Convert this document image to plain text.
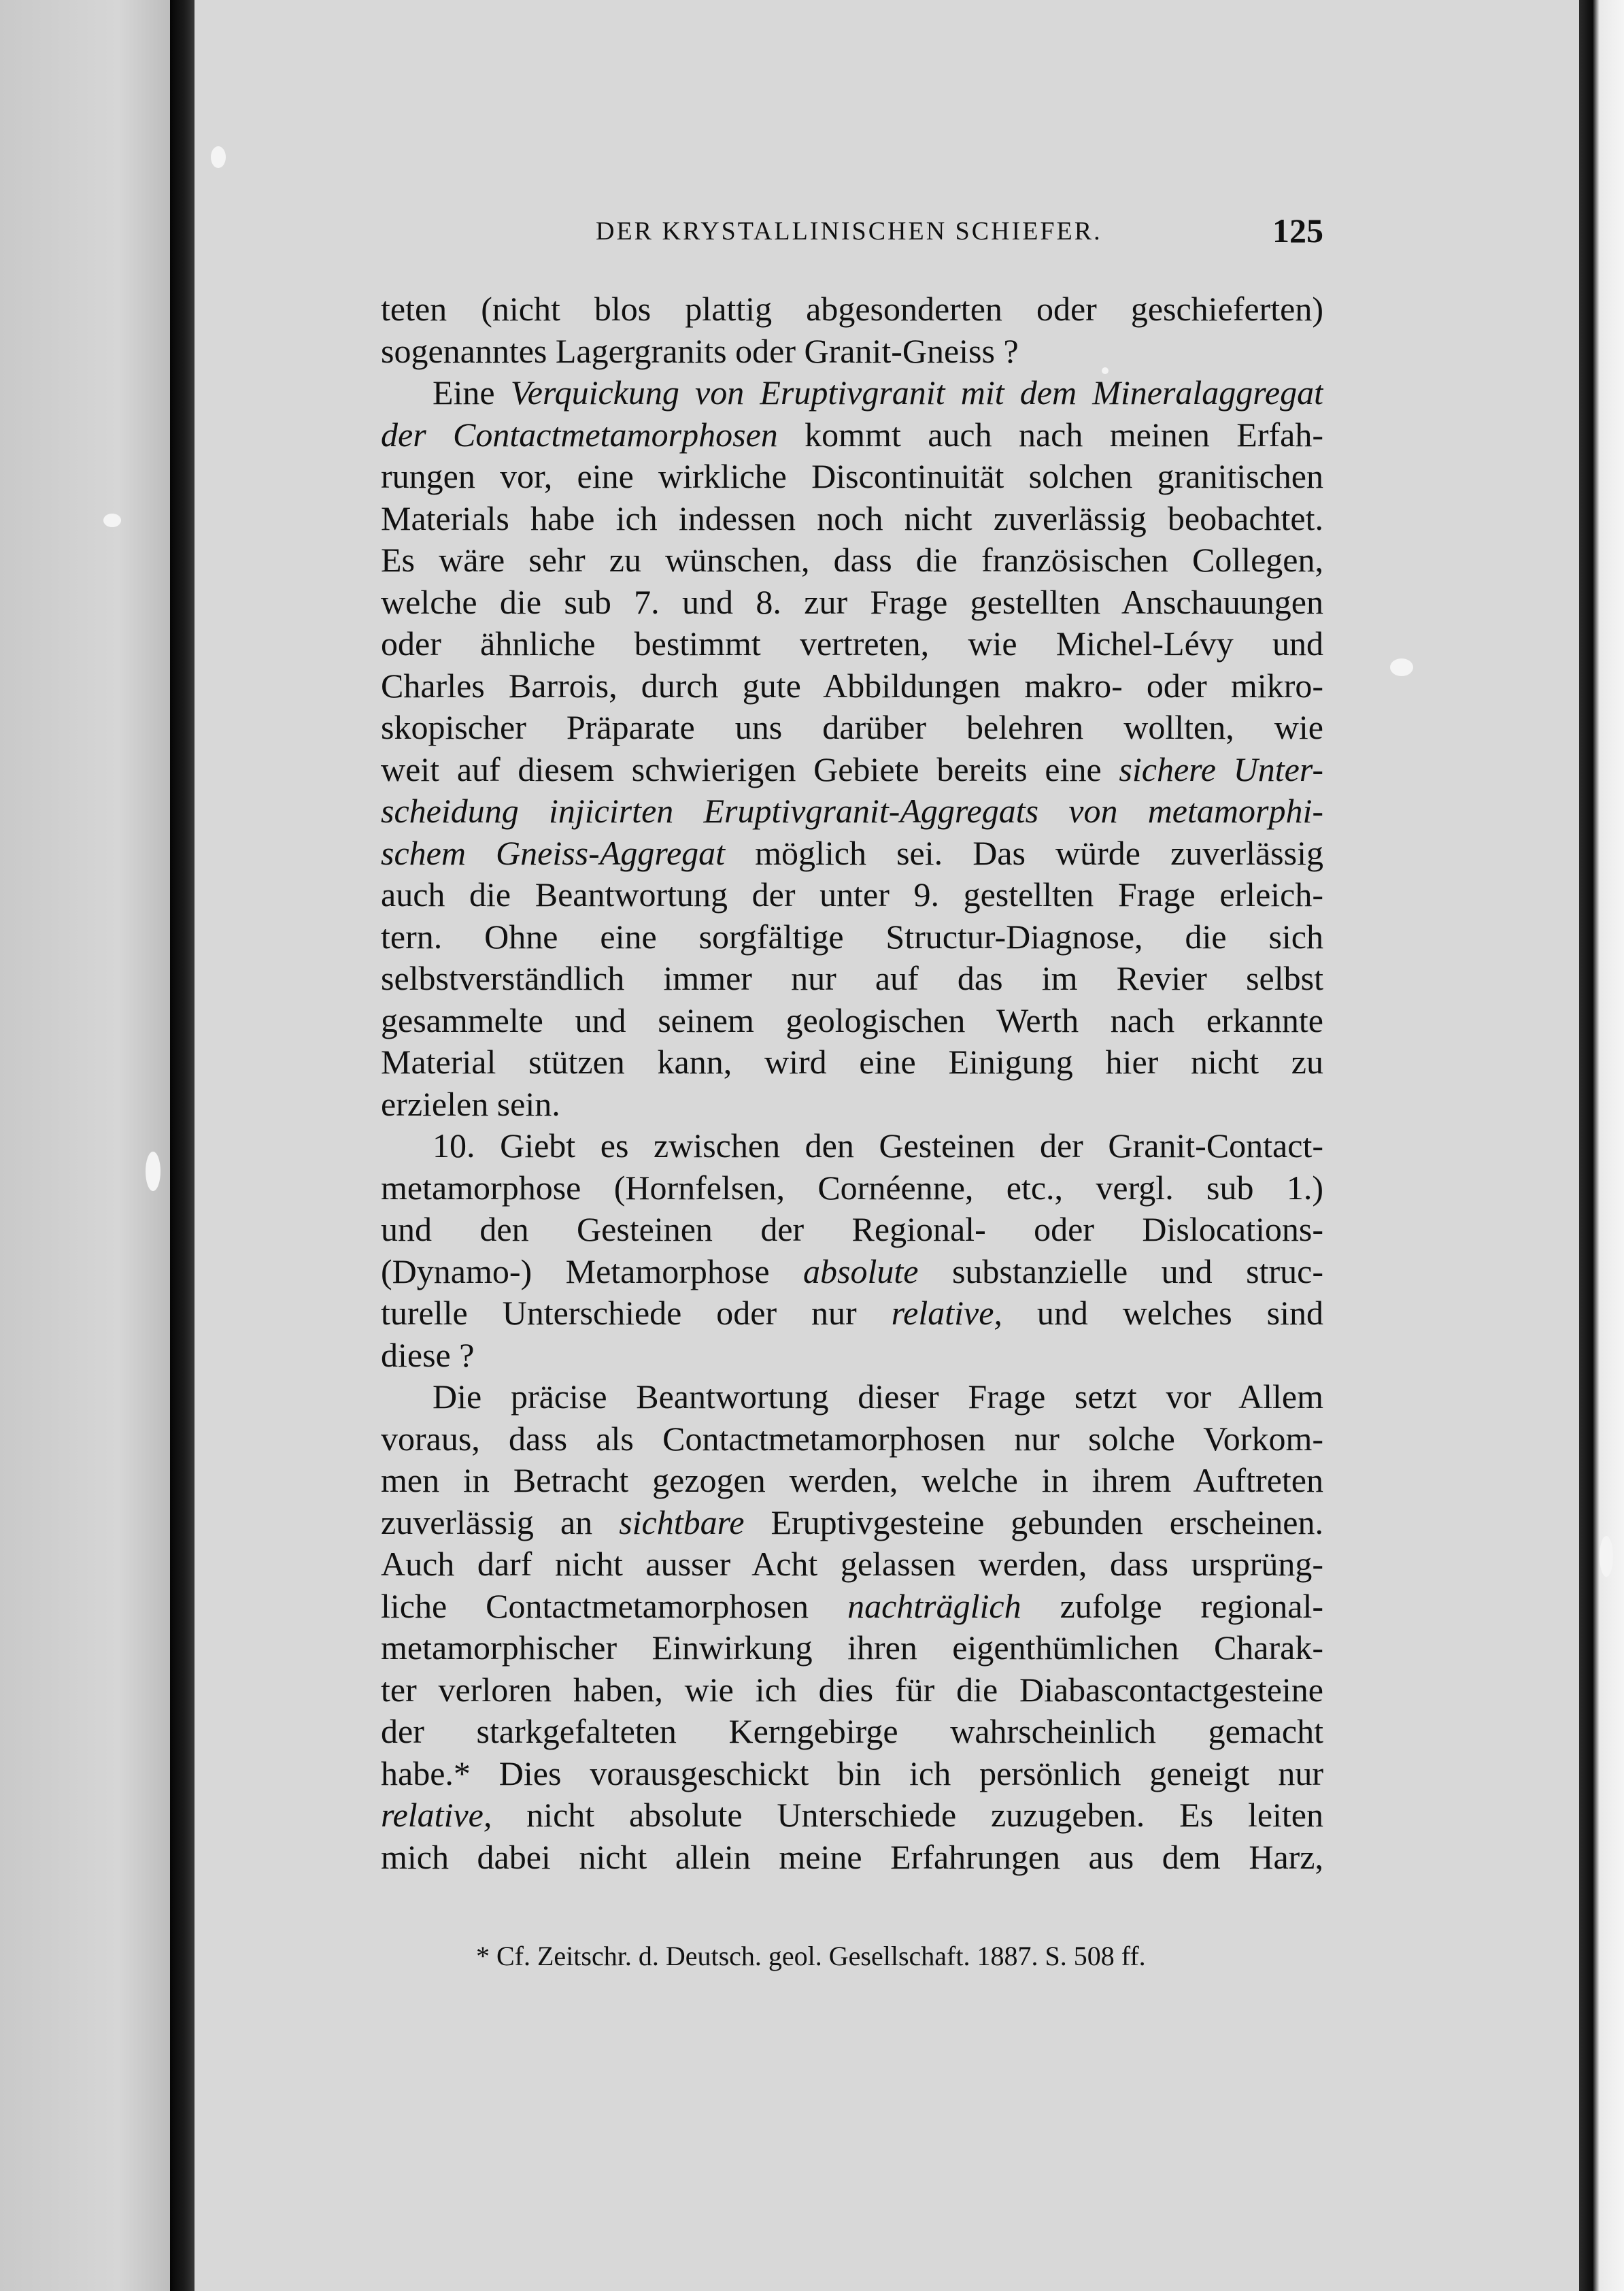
DER KRYSTALLINISCHEN SCHIEFER.	125
teten (nicht blos plattig abgesonderten oder geschieferten)
sogenanntes Lagergranits oder Granit-Gneiss ?
Eine Verquickung von Eruptivgranit mit dem Mineralaggregat
der Contactmetamorphosen kommt auch nach meinen Erfah-
rungen vor, eine wirkliche Discontinuität solchen granitischen
Materials habe ich indessen noch nicht zuverlässig beobachtet.
Es wäre sehr zu wünschen, dass die französischen Collegen,
welche die sub 7. und 8. zur Frage gestellten Anschauungen
oder ähnliche bestimmt vertreten, wie Michel-Lévy und
Charles Barrois, durch gute Abbildungen makro- oder mikro-
skopischer Präparate uns darüber belehren wollten, wie
weit auf diesem schwierigen Gebiete bereits eine sichere Unter-
scheidung injicirten Eruptivgranit-Aggregats von metamorphi-
schem Gneiss-Aggregat möglich sei. Das würde zuverlässig
auch die Beantwortung der unter 9. gestellten Frage erleich-
tern. Ohne eine sorgfältige Structur-Diagnose, die sich
selbstverständlich immer nur auf das im Revier selbst
gesammelte und seinem geologischen Werth nach erkannte
Material stützen kann, wird eine Einigung hier nicht zu
erzielen sein.
10. Giebt es zwischen den Gesteinen der Granit-Contact-
metamorphose (Hornfelsen, Cornéenne, etc., vergl. sub 1.)
und den Gesteinen der Regional- oder Dislocations-
(Dynamo-) Metamorphose absolute substanzielle und struc-
turelle Unterschiede oder nur relative, und welches sind
diese ?
Die präcise Beantwortung dieser Frage setzt vor Allem
voraus, dass als Contactmetamorphosen nur solche Vorkom-
men in Betracht gezogen werden, welche in ihrem Auftreten
zuverlässig an sichtbare Eruptivgesteine gebunden erscheinen.
Auch darf nicht ausser Acht gelassen werden, dass ursprüng-
liche Contactmetamorphosen nachträglich zufolge regional-
metamorphischer Einwirkung ihren eigenthümlichen Charak-
ter verloren haben, wie ich dies für die Diabascontactgesteine
der starkgefalteten Kerngebirge wahrscheinlich gemacht
habe.* Dies vorausgeschickt bin ich persönlich geneigt nur
relative, nicht absolute Unterschiede zuzugeben. Es leiten
mich dabei nicht allein meine Erfahrungen aus dem Harz,
* Cf. Zeitschr. d. Deutsch. geol. Gesellschaft. 1887. S. 508 ff.
